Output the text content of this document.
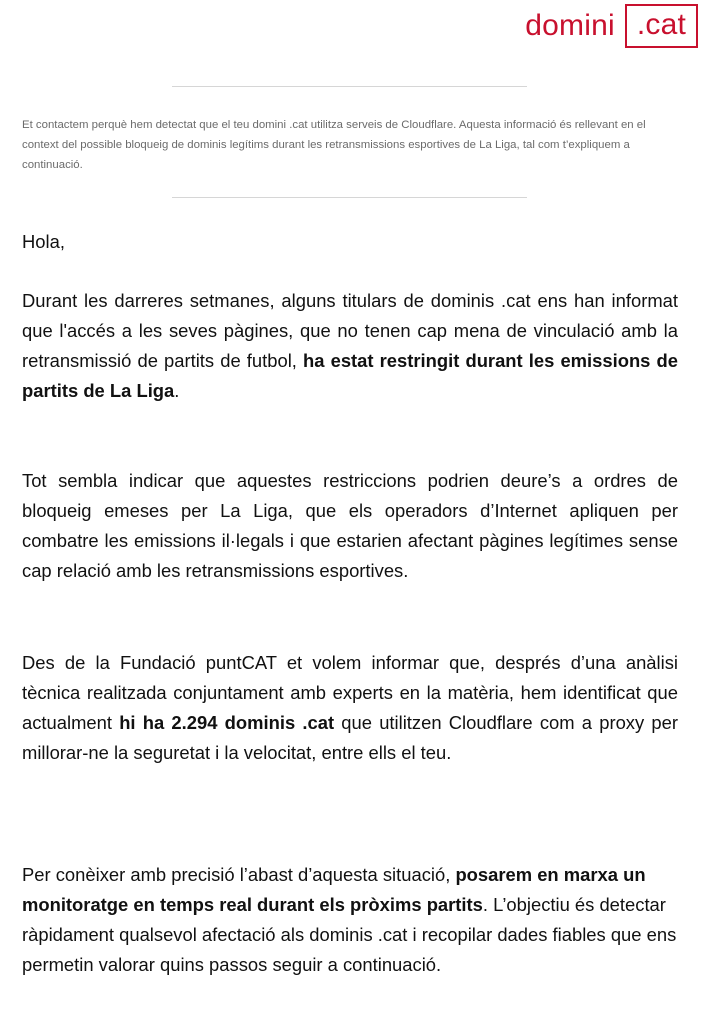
domini .cat

Et contactem perquè hem detectat que el teu domini .cat utilitza serveis de Cloudflare. Aquesta informació és rellevant en el context del possible bloqueig de dominis legítims durant les retransmissions esportives de La Liga, tal com t’expliquem a continuació.

Hola,

Durant les darreres setmanes, alguns titulars de dominis .cat ens han informat que l'accés a les seves pàgines, que no tenen cap mena de vinculació amb la retransmissió de partits de futbol, ha estat restringit durant les emissions de partits de La Liga.

Tot sembla indicar que aquestes restriccions podrien deure’s a ordres de bloqueig emeses per La Liga, que els operadors d’Internet apliquen per combatre les emissions il·legals i que estarien afectant pàgines legítimes sense cap relació amb les retransmissions esportives.

Des de la Fundació puntCAT et volem informar que, després d’una anàlisi tècnica realitzada conjuntament amb experts en la matèria, hem identificat que actualment hi ha 2.294 dominis .cat que utilitzen Cloudflare com a proxy per millorar-ne la seguretat i la velocitat, entre ells el teu.

Per conèixer amb precisió l’abast d’aquesta situació, posarem en marxa un monitoratge en temps real durant els pròxims partits. L’objectiu és detectar ràpidament qualsevol afectació als dominis .cat i recopilar dades fiables que ens permetin valorar quins passos seguir a continuació.
